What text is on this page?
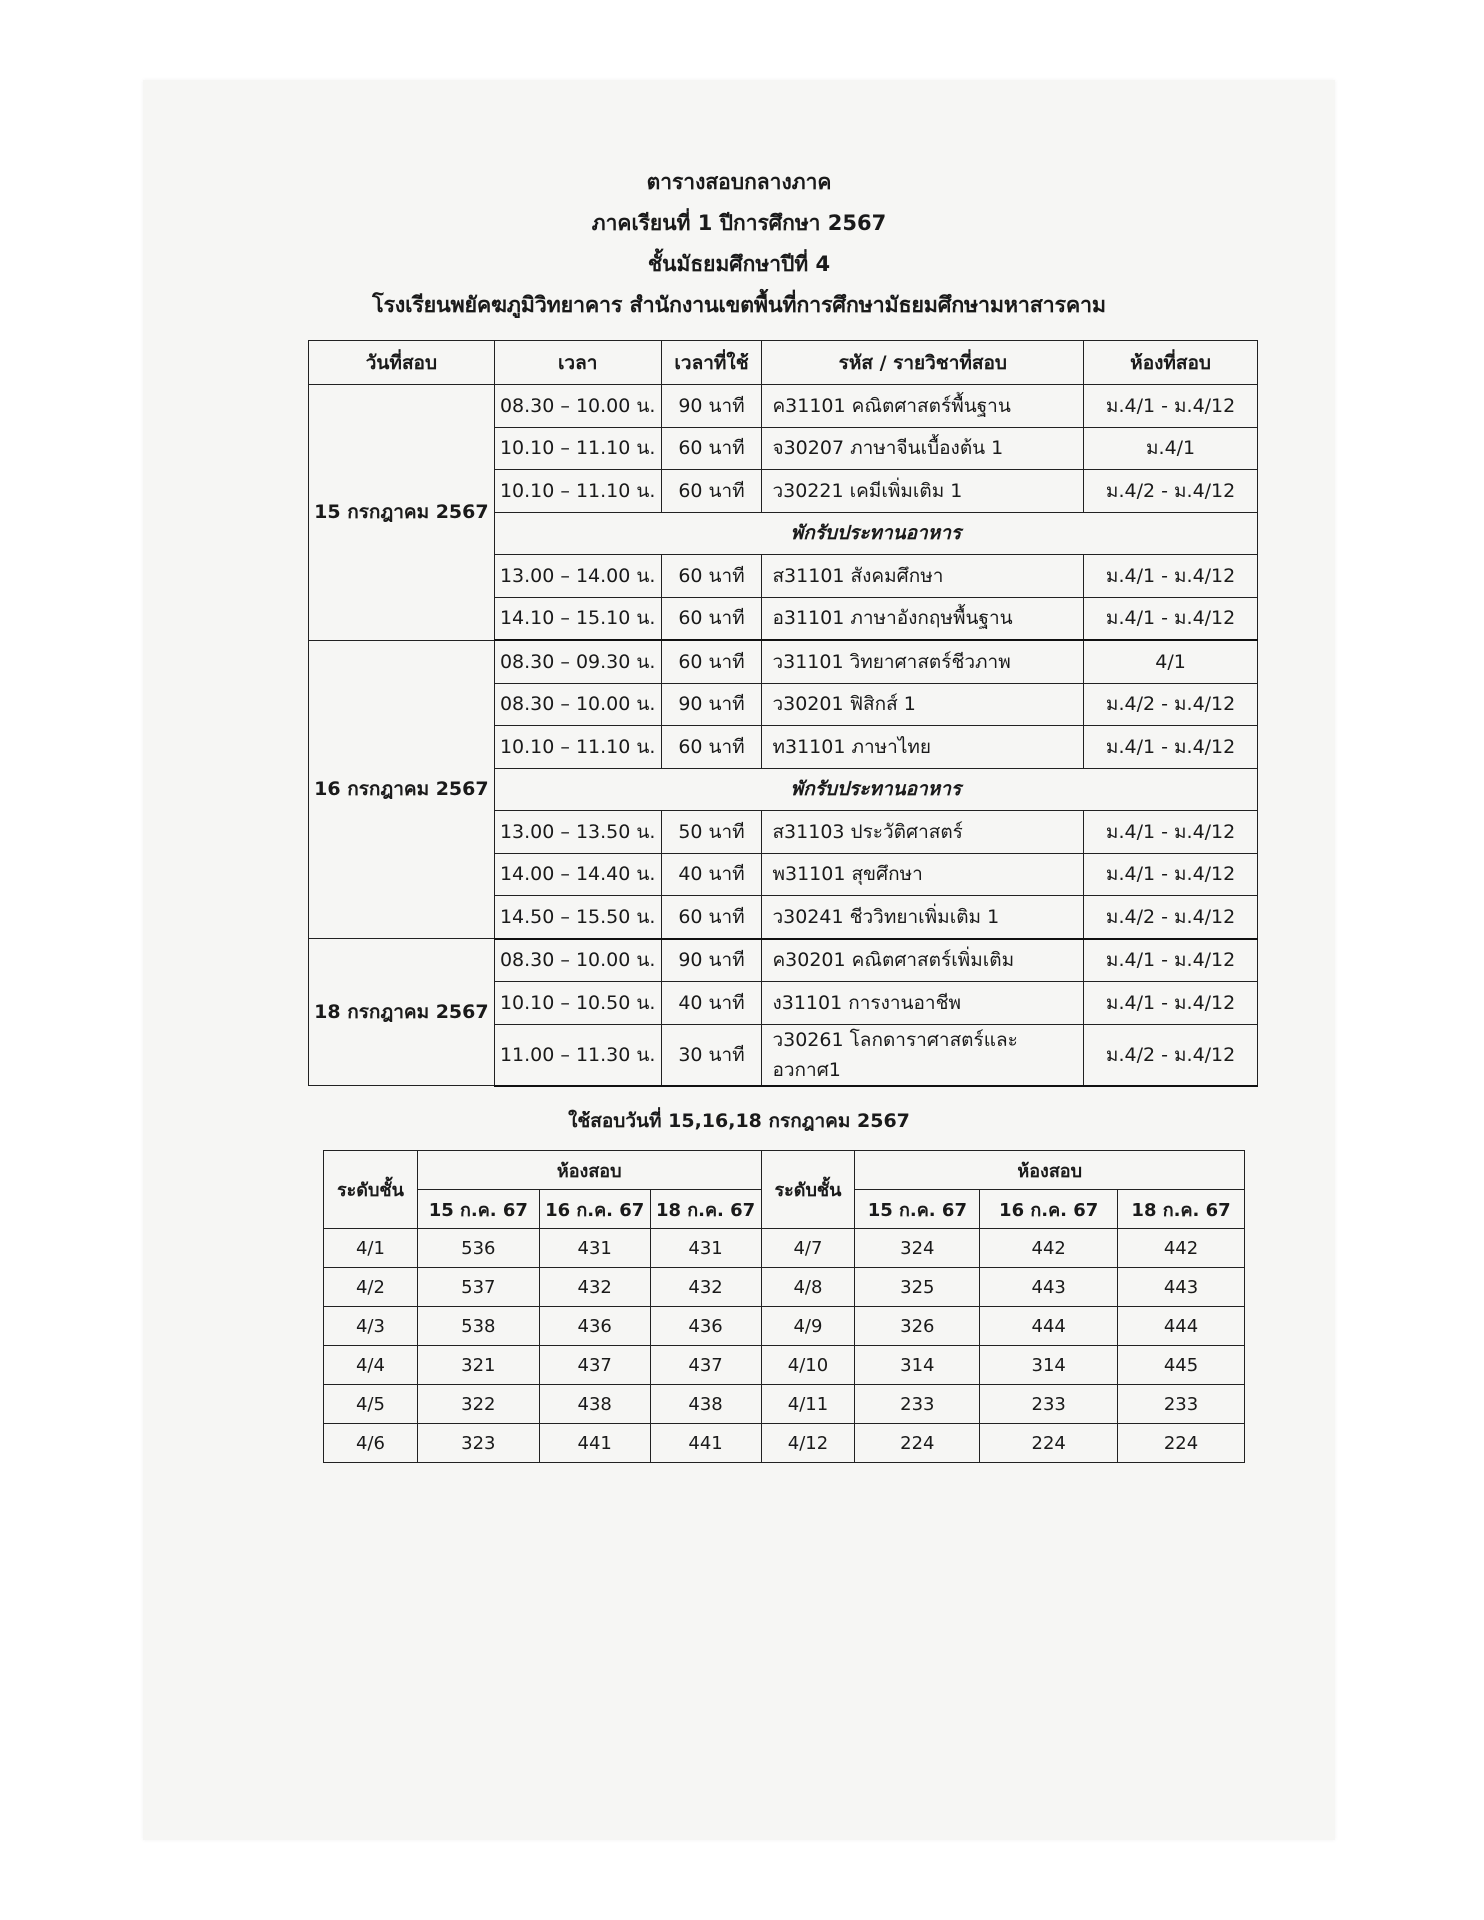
ตารางสอบกลางภาค
ภาคเรียนที่ 1 ปีการศึกษา 2567
ชั้นมัธยมศึกษาปีที่ 4
โรงเรียนพยัคฆภูมิวิทยาคาร สำนักงานเขตพื้นที่การศึกษามัธยมศึกษามหาสารคาม
วันที่สอบ	เวลา	เวลาที่ใช้	รหัส / รายวิชาที่สอบ	ห้องที่สอบ
15 กรกฎาคม 2567	08.30 – 10.00 น.	90 นาที	ค31101 คณิตศาสตร์พื้นฐาน	ม.4/1 - ม.4/12
	10.10 – 11.10 น.	60 นาที	จ30207 ภาษาจีนเบื้องต้น 1	ม.4/1
	10.10 – 11.10 น.	60 นาที	ว30221 เคมีเพิ่มเติม 1	ม.4/2 - ม.4/12
	พักรับประทานอาหาร			
	13.00 – 14.00 น.	60 นาที	ส31101 สังคมศึกษา	ม.4/1 - ม.4/12
	14.10 – 15.10 น.	60 นาที	อ31101 ภาษาอังกฤษพื้นฐาน	ม.4/1 - ม.4/12
16 กรกฎาคม 2567	08.30 – 09.30 น.	60 นาที	ว31101 วิทยาศาสตร์ชีวภาพ	4/1
	08.30 – 10.00 น.	90 นาที	ว30201 ฟิสิกส์ 1	ม.4/2 - ม.4/12
	10.10 – 11.10 น.	60 นาที	ท31101 ภาษาไทย	ม.4/1 - ม.4/12
	พักรับประทานอาหาร			
	13.00 – 13.50 น.	50 นาที	ส31103 ประวัติศาสตร์	ม.4/1 - ม.4/12
	14.00 – 14.40 น.	40 นาที	พ31101 สุขศึกษา	ม.4/1 - ม.4/12
	14.50 – 15.50 น.	60 นาที	ว30241 ชีววิทยาเพิ่มเติม 1	ม.4/2 - ม.4/12
18 กรกฎาคม 2567	08.30 – 10.00 น.	90 นาที	ค30201 คณิตศาสตร์เพิ่มเติม	ม.4/1 - ม.4/12
	10.10 – 10.50 น.	40 นาที	ง31101 การงานอาชีพ	ม.4/1 - ม.4/12
	11.00 – 11.30 น.	30 นาที	ว30261 โลกดาราศาสตร์และอวกาศ1	ม.4/2 - ม.4/12
ใช้สอบวันที่ 15,16,18 กรกฎาคม 2567
ระดับชั้น	ห้องสอบ			ระดับชั้น	ห้องสอบ		
	15 ก.ค. 67	16 ก.ค. 67	18 ก.ค. 67		15 ก.ค. 67	16 ก.ค. 67	18 ก.ค. 67
4/1	536	431	431	4/7	324	442	442
4/2	537	432	432	4/8	325	443	443
4/3	538	436	436	4/9	326	444	444
4/4	321	437	437	4/10	314	314	445
4/5	322	438	438	4/11	233	233	233
4/6	323	441	441	4/12	224	224	224
